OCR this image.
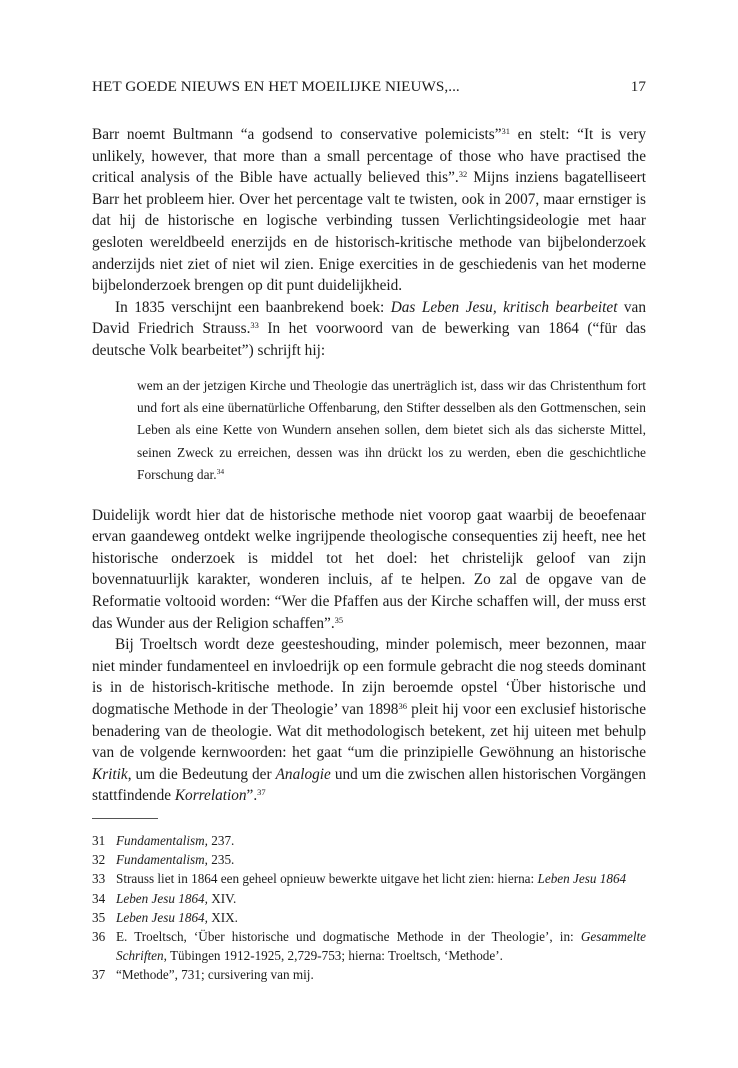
HET GOEDE NIEUWS EN HET MOEILIJKE NIEUWS,...	17

Barr noemt Bultmann “a godsend to conservative polemicists”$^{31}$ en stelt: “It is very unlikely, however, that more than a small percentage of those who have practised the critical analysis of the Bible have actually believed this”.$^{32}$ Mijns inziens bagatelliseert Barr het probleem hier. Over het percentage valt te twisten, ook in 2007, maar ernstiger is dat hij de historische en logische verbinding tussen Verlichtingsideologie met haar gesloten wereldbeeld enerzijds en de historisch-kritische methode van bijbelonderzoek anderzijds niet ziet of niet wil zien. Enige exercities in de geschiedenis van het moderne bijbelonderzoek brengen op dit punt duidelijkheid.

In 1835 verschijnt een baanbrekend boek: Das Leben Jesu, kritisch bearbeitet van David Friedrich Strauss.$^{33}$ In het voorwoord van de bewerking van 1864 (“für das deutsche Volk bearbeitet”) schrijft hij:

wem an der jetzigen Kirche und Theologie das unerträglich ist, dass wir das Christenthum fort und fort als eine übernatürliche Offenbarung, den Stifter desselben als den Gottmenschen, sein Leben als eine Kette von Wundern ansehen sollen, dem bietet sich als das sicherste Mittel, seinen Zweck zu erreichen, dessen was ihn drückt los zu werden, eben die geschichtliche Forschung dar.$^{34}$

Duidelijk wordt hier dat de historische methode niet voorop gaat waarbij de beoefenaar ervan gaandeweg ontdekt welke ingrijpende theologische consequenties zij heeft, nee het historische onderzoek is middel tot het doel: het christelijk geloof van zijn bovennatuurlijk karakter, wonderen incluis, af te helpen. Zo zal de opgave van de Reformatie voltooid worden: “Wer die Pfaffen aus der Kirche schaffen will, der muss erst das Wunder aus der Religion schaffen”.$^{35}$

Bij Troeltsch wordt deze geesteshouding, minder polemisch, meer bezonnen, maar niet minder fundamenteel en invloedrijk op een formule gebracht die nog steeds dominant is in de historisch-kritische methode. In zijn beroemde opstel ‘Über historische und dogmatische Methode in der Theologie’ van 1898$^{36}$ pleit hij voor een exclusief historische benadering van de theologie. Wat dit methodologisch betekent, zet hij uiteen met behulp van de volgende kernwoorden: het gaat “um die prinzipielle Gewöhnung an historische Kritik, um die Bedeutung der Analogie und um die zwischen allen historischen Vorgängen stattfindende Korrelation”.$^{37}$

31 Fundamentalism, 237.
32 Fundamentalism, 235.
33 Strauss liet in 1864 een geheel opnieuw bewerkte uitgave het licht zien: hierna: Leben Jesu 1864
34 Leben Jesu 1864, XIV.
35 Leben Jesu 1864, XIX.
36 E. Troeltsch, ‘Über historische und dogmatische Methode in der Theologie’, in: Gesammelte Schriften, Tübingen 1912-1925, 2,729-753; hierna: Troeltsch, ‘Methode’.
37 “Methode”, 731; cursivering van mij.
